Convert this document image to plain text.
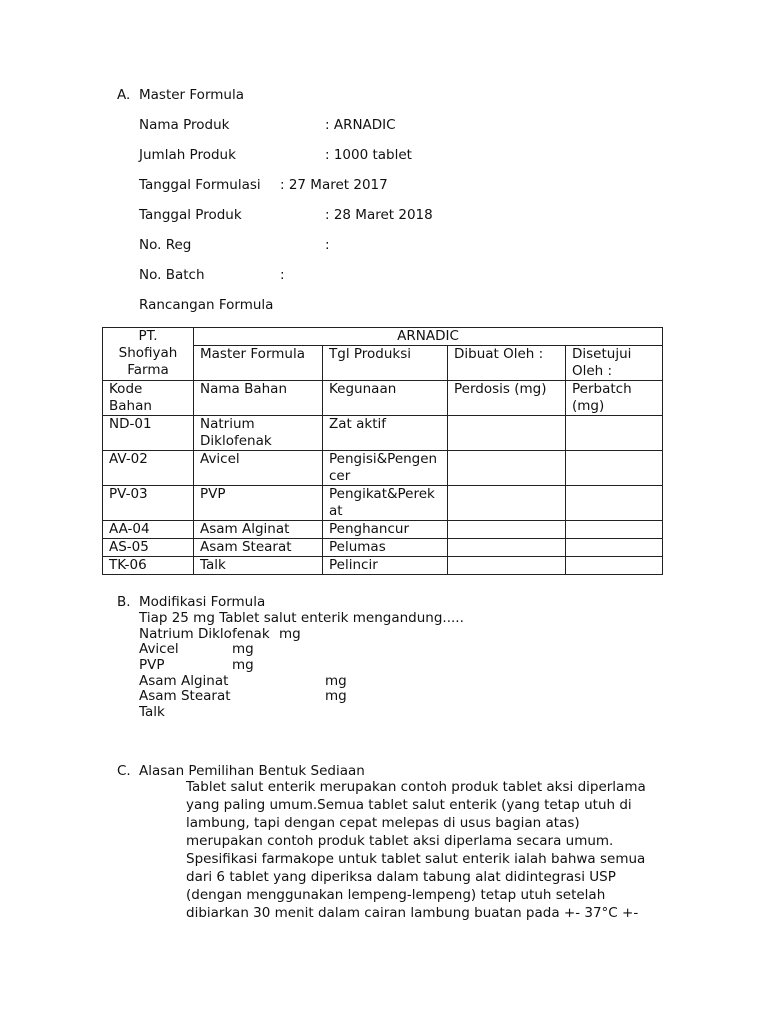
A. Master Formula
Nama Produk	: ARNADIC
Jumlah Produk	: 1000 tablet
Tanggal Formulasi : 27 Maret 2017
Tanggal Produk	: 28 Maret 2018
No. Reg	:
No. Batch	:
Rancangan Formula
PT.
Shofiyah
Farma	ARNADIC			
	Master Formula	Tgl Produksi	Dibuat Oleh :	Disetujui Oleh :
Kode Bahan	Nama Bahan	Kegunaan	Perdosis (mg)	Perbatch (mg)
ND-01	Natrium Diklofenak	Zat aktif		
AV-02	Avicel	Pengisi&Pengencer		
PV-03	PVP	Pengikat&Perekat		
AA-04	Asam Alginat	Penghancur		
AS-05	Asam Stearat	Pelumas		
TK-06	Talk	Pelincir		
B. Modifikasi Formula
Tiap 25 mg Tablet salut enterik mengandung.....
Natrium Diklofenak mg
Avicel	mg
PVP	mg
Asam Alginat	mg
Asam Stearat	mg
Talk
C. Alasan Pemilihan Bentuk Sediaan
Tablet salut enterik merupakan contoh produk tablet aksi diperlama
yang paling umum.Semua tablet salut enterik (yang tetap utuh di
lambung, tapi dengan cepat melepas di usus bagian atas)
merupakan contoh produk tablet aksi diperlama secara umum.
Spesifikasi farmakope untuk tablet salut enterik ialah bahwa semua
dari 6 tablet yang diperiksa dalam tabung alat didintegrasi USP
(dengan menggunakan lempeng-lempeng) tetap utuh setelah
dibiarkan 30 menit dalam cairan lambung buatan pada +- 37°C +-
